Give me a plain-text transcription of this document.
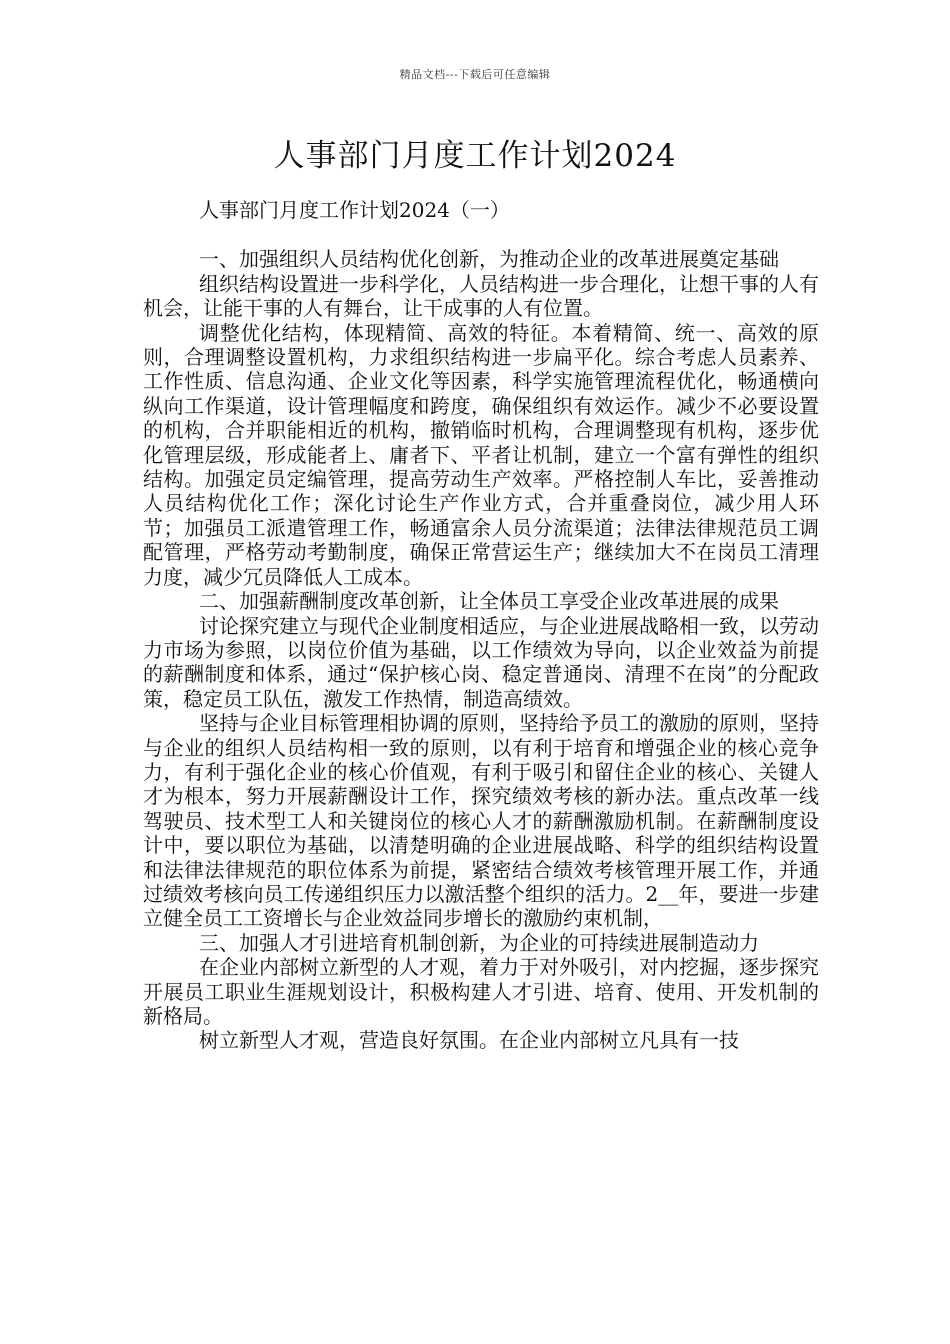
精品文档---下载后可任意编辑
人事部门月度工作计划2024

人事部门月度工作计划2024（一）

一、加强组织人员结构优化创新，为推动企业的改革进展奠定基础

组织结构设置进一步科学化，人员结构进一步合理化，让想干事的人有机会，让能干事的人有舞台，让干成事的人有位置。

调整优化结构，体现精简、高效的特征。本着精简、统一、高效的原则，合理调整设置机构，力求组织结构进一步扁平化。综合考虑人员素养、工作性质、信息沟通、企业文化等因素，科学实施管理流程优化，畅通横向纵向工作渠道，设计管理幅度和跨度，确保组织有效运作。减少不必要设置的机构，合并职能相近的机构，撤销临时机构，合理调整现有机构，逐步优化管理层级，形成能者上、庸者下、平者让机制，建立一个富有弹性的组织结构。加强定员定编管理，提高劳动生产效率。严格控制人车比，妥善推动人员结构优化工作；深化讨论生产作业方式，合并重叠岗位，减少用人环节；加强员工派遣管理工作，畅通富余人员分流渠道；法律法律规范员工调配管理，严格劳动考勤制度，确保正常营运生产；继续加大不在岗员工清理力度，减少冗员降低人工成本。

二、加强薪酬制度改革创新，让全体员工享受企业改革进展的成果

讨论探究建立与现代企业制度相适应，与企业进展战略相一致，以劳动力市场为参照，以岗位价值为基础，以工作绩效为导向，以企业效益为前提的薪酬制度和体系，通过“保护核心岗、稳定普通岗、清理不在岗”的分配政策，稳定员工队伍，激发工作热情，制造高绩效。

坚持与企业目标管理相协调的原则，坚持给予员工的激励的原则，坚持与企业的组织人员结构相一致的原则，以有利于培育和增强企业的核心竞争力，有利于强化企业的核心价值观，有利于吸引和留住企业的核心、关键人才为根本，努力开展薪酬设计工作，探究绩效考核的新办法。重点改革一线驾驶员、技术型工人和关键岗位的核心人才的薪酬激励机制。在薪酬制度设计中，要以职位为基础，以清楚明确的企业进展战略、科学的组织结构设置和法律法律规范的职位体系为前提，紧密结合绩效考核管理开展工作，并通过绩效考核向员工传递组织压力以激活整个组织的活力。2__年，要进一步建立健全员工工资增长与企业效益同步增长的激励约束机制，

三、加强人才引进培育机制创新，为企业的可持续进展制造动力

在企业内部树立新型的人才观，着力于对外吸引，对内挖掘，逐步探究开展员工职业生涯规划设计，积极构建人才引进、培育、使用、开发机制的新格局。

树立新型人才观，营造良好氛围。在企业内部树立凡具有一技
